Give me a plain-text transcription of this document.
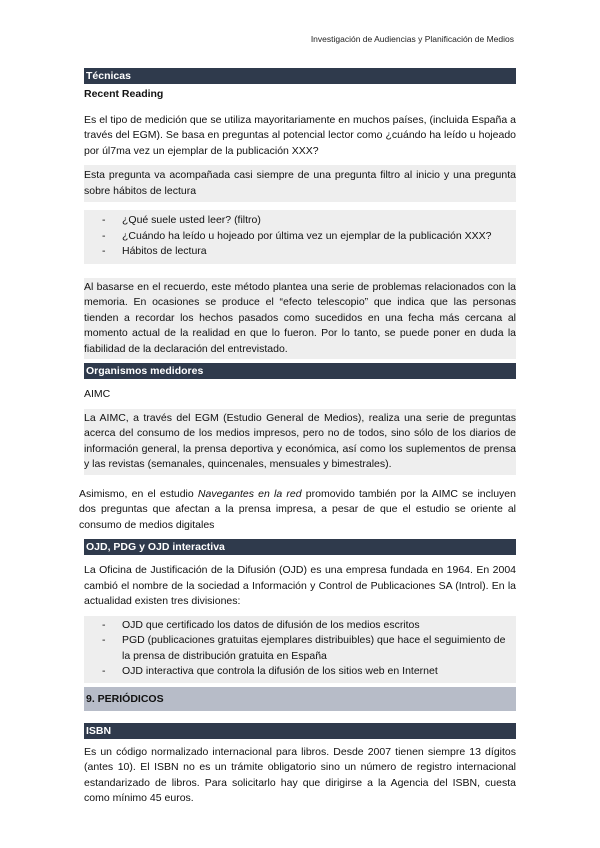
Investigación de Audiencias y Planificación de Medios
Técnicas

Recent Reading

Es el tipo de medición que se utiliza mayoritariamente en muchos países, (incluida España a través del EGM). Se basa en preguntas al potencial lector como ¿cuándo ha leído u hojeado por úl7ma vez un ejemplar de la publicación XXX?

Esta pregunta va acompañada casi siempre de una pregunta filtro al inicio y una pregunta sobre hábitos de lectura

- ¿Qué suele usted leer? (filtro)
- ¿Cuándo ha leído u hojeado por última vez un ejemplar de la publicación XXX?
- Hábitos de lectura

Al basarse en el recuerdo, este método plantea una serie de problemas relacionados con la memoria. En ocasiones se produce el “efecto telescopio” que indica que las personas tienden a recordar los hechos pasados como sucedidos en una fecha más cercana al momento actual de la realidad en que lo fueron. Por lo tanto, se puede poner en duda la fiabilidad de la declaración del entrevistado.

Organismos medidores

AIMC

La AIMC, a través del EGM (Estudio General de Medios), realiza una serie de preguntas acerca del consumo de los medios impresos, pero no de todos, sino sólo de los diarios de información general, la prensa deportiva y económica, así como los suplementos de prensa y las revistas (semanales, quincenales, mensuales y bimestrales).

Asimismo, en el estudio Navegantes en la red promovido también por la AIMC se incluyen dos preguntas que afectan a la prensa impresa, a pesar de que el estudio se oriente al consumo de medios digitales

OJD, PDG y OJD interactiva

La Oficina de Justificación de la Difusión (OJD) es una empresa fundada en 1964. En 2004 cambió el nombre de la sociedad a Información y Control de Publicaciones SA (Introl). En la actualidad existen tres divisiones:

- OJD que certificado los datos de difusión de los medios escritos
- PGD (publicaciones gratuitas ejemplares distribuibles) que hace el seguimiento de la prensa de distribución gratuita en España
- OJD interactiva que controla la difusión de los sitios web en Internet
9. PERIÓDICOS
ISBN

Es un código normalizado internacional para libros. Desde 2007 tienen siempre 13 dígitos (antes 10). El ISBN no es un trámite obligatorio sino un número de registro internacional estandarizado de libros. Para solicitarlo hay que dirigirse a la Agencia del ISBN, cuesta como mínimo 45 euros.
